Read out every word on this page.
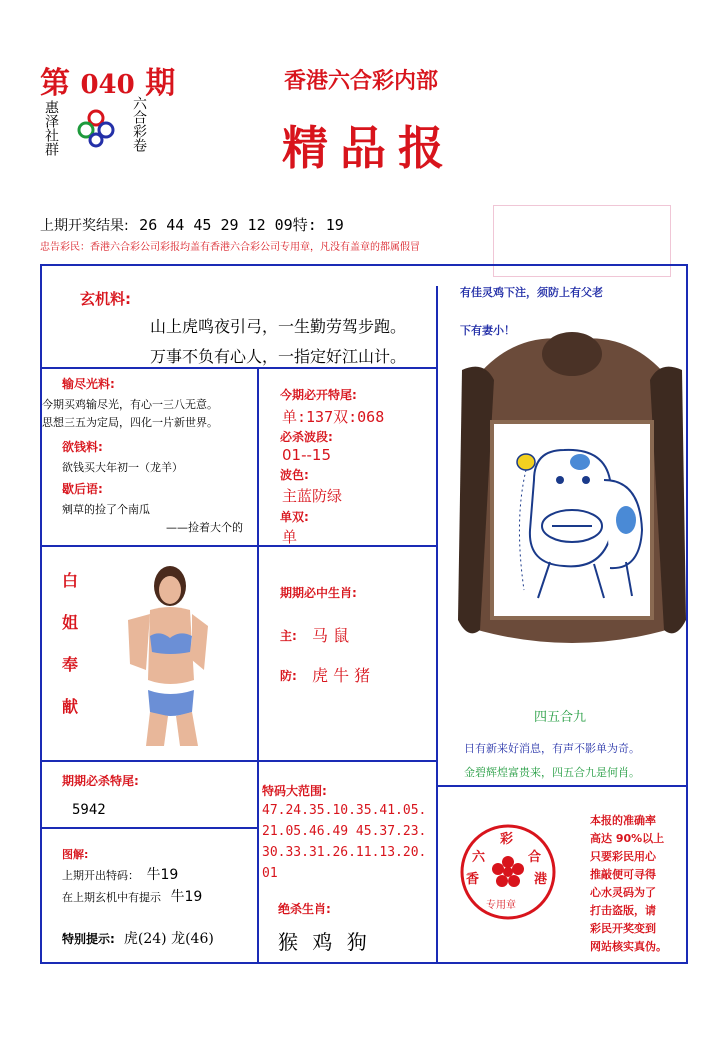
第 040 期
惠泽社群	六合彩卷
香港六合彩内部
精品报
上期开奖结果: 26 44 45 29 12 09特: 19
忠告彩民：香港六合彩公司彩报均盖有香港六合彩公司专用章，凡没有盖章的都属假冒
玄机料:
山上虎鸣夜引弓，一生勤劳驾步跑。
万事不负有心人，一指定好江山计。
有佳灵鸡下注，须防上有父老
下有妻小！
输尽光料:
今期买鸡输尽光，有心一三八无意。
思想三五为定局，四化一片新世界。
欲钱料:
欲钱买大年初一（龙羊）
歇后语:
剜草的捡了个南瓜
——捡着大个的
今期必开特尾:
单:137双:068
必杀波段:
01--15
波色:
主蓝防绿
单双:
单
白
姐
奉
献
期期必中生肖:
主: 马 鼠
防: 虎 牛 猪
四五合九
日有新来好消息，有声不影单为奇。
金碧辉煌富贵来，四五合九是何肖。
期期必杀特尾:
5942
特码大范围:
47.24.35.10.35.41.05.
21.05.46.49 45.37.23.
30.33.31.26.11.13.20.
01
图解:
上期开出特码： 牛19
在上期玄机中有提示 牛19
特别提示: 虎(24) 龙(46)
绝杀生肖:
猴 鸡 狗
彩
六	合
香	港
专用章
本报的准确率
高达 90%以上
只要彩民用心
推敲便可寻得
心水灵码为了
打击盗版，请
彩民开奖变到
网站核实真伪。
